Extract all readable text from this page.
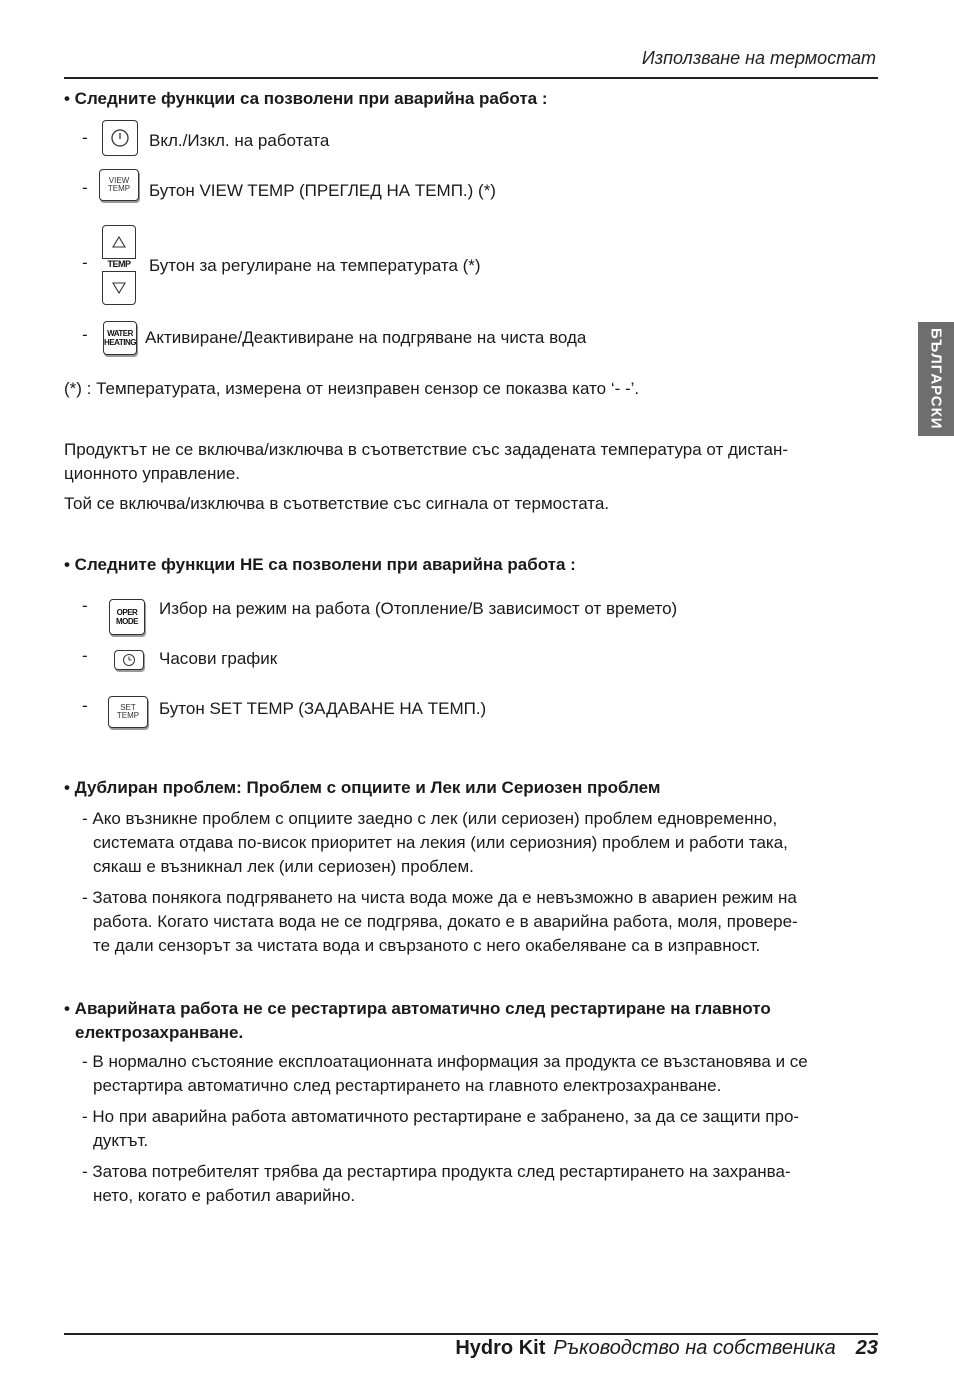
Използване на термостат
БЪЛГАРСКИ
• Следните функции са позволени при аварийна работа :
-	Вкл./Изкл. на работата
-	VIEW
TEMP Бутон VIEW TEMP (ПРЕГЛЕД НА ТЕМП.) (*)
-	TEMP	Бутон за регулиране на температурата (*)
- WATER
HEATING Активиране/Деактивиране на подгряване на чиста вода
(*) : Температурата, измерена от неизправен сензор се показва като ‘- -’.
Продуктът не се включва/изключва в съответствие със зададената температура от дистан-
ционното управление.
Той се включва/изключва в съответствие със сигнала от термостата.
• Следните функции НЕ са позволени при аварийна работа :
-	OPER
MODE
Избор на режим на работа (Отопление/В зависимост от времето)
-	Часови график
-	SET
TEMP Бутон SET TEMP (ЗАДАВАНЕ НА ТЕМП.)
• Дублиран проблем: Проблем с опциите и Лек или Сериозен проблем
- Ако възникне проблем с опциите заедно с лек (или сериозен) проблем едновременно,
системата отдава по-висок приоритет на лекия (или сериозния) проблем и работи така,
сякаш е възникнал лек (или сериозен) проблем.
- Затова понякога подгряването на чиста вода може да е невъзможно в авариен режим на
работа. Когато чистата вода не се подгрява, докато е в аварийна работа, моля, провере-
те дали сензорът за чистата вода и свързаното с него окабеляване са в изправност.
• Аварийната работа не се рестартира автоматично след рестартиране на главното
електрозахранване.
- В нормално състояние експлоатационната информация за продукта се възстановява и се
рестартира автоматично след рестартирането на главното електрозахранване.
- Но при аварийна работа автоматичното рестартиране е забранено, за да се защити про-
дуктът.
- Затова потребителят трябва да рестартира продукта след рестартирането на захранва-
нето, когато е работил аварийно.
Hydro Kit Ръководство на собственика 23
